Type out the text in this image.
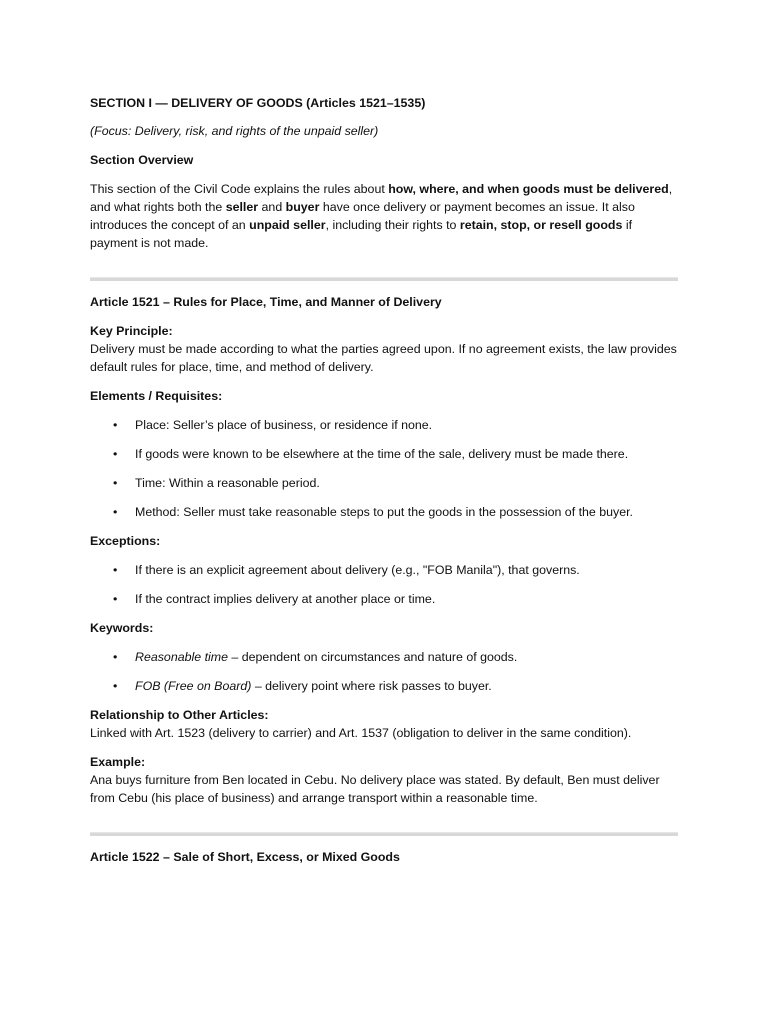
SECTION I — DELIVERY OF GOODS (Articles 1521–1535)

(Focus: Delivery, risk, and rights of the unpaid seller)

Section Overview

This section of the Civil Code explains the rules about how, where, and when goods must be delivered, and what rights both the seller and buyer have once delivery or payment becomes an issue. It also introduces the concept of an unpaid seller, including their rights to retain, stop, or resell goods if payment is not made.

Article 1521 – Rules for Place, Time, and Manner of Delivery

Key Principle:

Delivery must be made according to what the parties agreed upon. If no agreement exists, the law provides default rules for place, time, and method of delivery.

Elements / Requisites:

• Place: Seller’s place of business, or residence if none.
• If goods were known to be elsewhere at the time of the sale, delivery must be made there.
• Time: Within a reasonable period.
• Method: Seller must take reasonable steps to put the goods in the possession of the buyer.

Exceptions:

• If there is an explicit agreement about delivery (e.g., "FOB Manila"), that governs.
• If the contract implies delivery at another place or time.

Keywords:

• Reasonable time – dependent on circumstances and nature of goods.
• FOB (Free on Board) – delivery point where risk passes to buyer.

Relationship to Other Articles:

Linked with Art. 1523 (delivery to carrier) and Art. 1537 (obligation to deliver in the same condition).

Example:

Ana buys furniture from Ben located in Cebu. No delivery place was stated. By default, Ben must deliver from Cebu (his place of business) and arrange transport within a reasonable time.

Article 1522 – Sale of Short, Excess, or Mixed Goods
